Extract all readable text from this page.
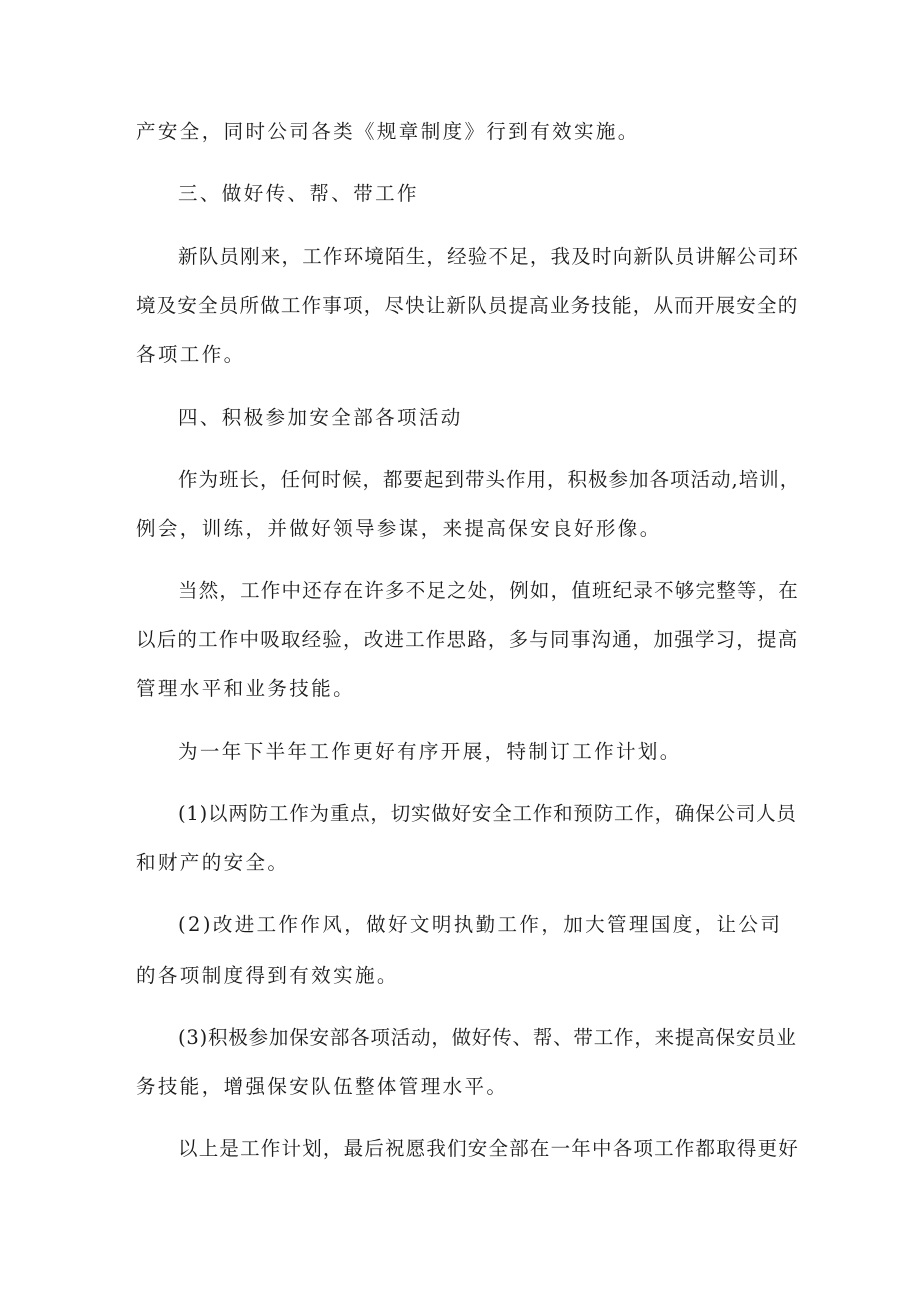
产安全，同时公司各类《规章制度》行到有效实施。
三、做好传、帮、带工作
新队员刚来，工作环境陌生，经验不足，我及时向新队员讲解公司环
境及安全员所做工作事项，尽快让新队员提高业务技能，从而开展安全的
各项工作。
四、积极参加安全部各项活动
作为班长，任何时候，都要起到带头作用，积极参加各项活动,培训，
例会，训练，并做好领导参谋，来提高保安良好形像。
当然，工作中还存在许多不足之处，例如，值班纪录不够完整等，在
以后的工作中吸取经验，改进工作思路，多与同事沟通，加强学习，提高
管理水平和业务技能。
为一年下半年工作更好有序开展，特制订工作计划。
(1)以两防工作为重点，切实做好安全工作和预防工作，确保公司人员
和财产的安全。
(2)改进工作作风，做好文明执勤工作，加大管理国度，让公司
的各项制度得到有效实施。
(3)积极参加保安部各项活动，做好传、帮、带工作，来提高保安员业
务技能，增强保安队伍整体管理水平。
以上是工作计划，最后祝愿我们安全部在一年中各项工作都取得更好
